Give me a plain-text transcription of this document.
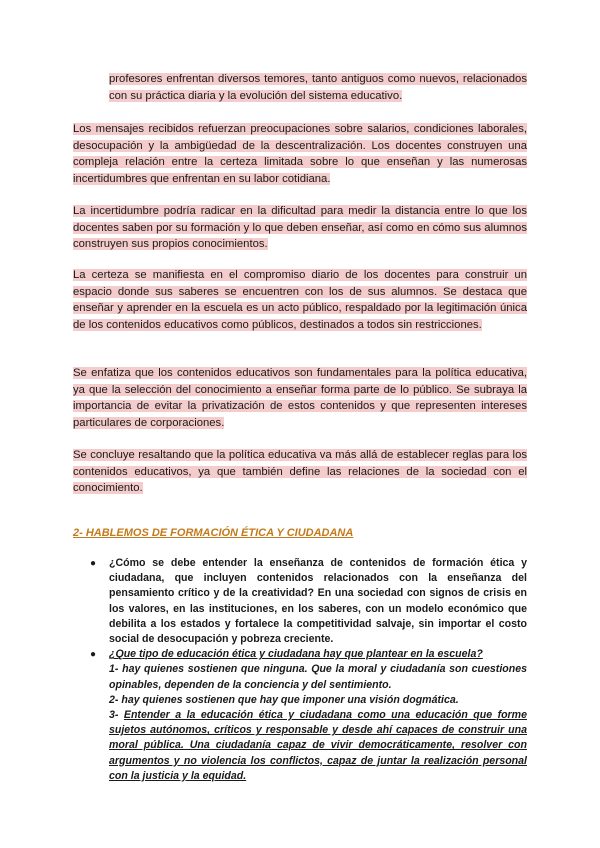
profesores enfrentan diversos temores, tanto antiguos como nuevos, relacionados con su práctica diaria y la evolución del sistema educativo.

Los mensajes recibidos refuerzan preocupaciones sobre salarios, condiciones laborales, desocupación y la ambigüedad de la descentralización. Los docentes construyen una compleja relación entre la certeza limitada sobre lo que enseñan y las numerosas incertidumbres que enfrentan en su labor cotidiana.

La incertidumbre podría radicar en la dificultad para medir la distancia entre lo que los docentes saben por su formación y lo que deben enseñar, así como en cómo sus alumnos construyen sus propios conocimientos.

La certeza se manifiesta en el compromiso diario de los docentes para construir un espacio donde sus saberes se encuentren con los de sus alumnos. Se destaca que enseñar y aprender en la escuela es un acto público, respaldado por la legitimación única de los contenidos educativos como públicos, destinados a todos sin restricciones.

Se enfatiza que los contenidos educativos son fundamentales para la política educativa, ya que la selección del conocimiento a enseñar forma parte de lo público. Se subraya la importancia de evitar la privatización de estos contenidos y que representen intereses particulares de corporaciones.

Se concluye resaltando que la política educativa va más allá de establecer reglas para los contenidos educativos, ya que también define las relaciones de la sociedad con el conocimiento.

2- HABLEMOS DE FORMACIÓN ÉTICA Y CIUDADANA

● ¿Cómo se debe entender la enseñanza de contenidos de formación ética y ciudadana, que incluyen contenidos relacionados con la enseñanza del pensamiento crítico y de la creatividad? En una sociedad con signos de crisis en los valores, en las instituciones, en los saberes, con un modelo económico que debilita a los estados y fortalece la competitividad salvaje, sin importar el costo social de desocupación y pobreza creciente.
● ¿Que tipo de educación ética y ciudadana hay que plantear en la escuela?
1- hay quienes sostienen que ninguna. Que la moral y ciudadanía son cuestiones opinables, dependen de la conciencia y del sentimiento.
2- hay quienes sostienen que hay que imponer una visión dogmática.
3- Entender a la educación ética y ciudadana como una educación que forme sujetos autónomos, críticos y responsable y desde ahí capaces de construir una moral pública. Una ciudadanía capaz de vivir democráticamente, resolver con argumentos y no violencia los conflictos, capaz de juntar la realización personal con la justicia y la equidad.
